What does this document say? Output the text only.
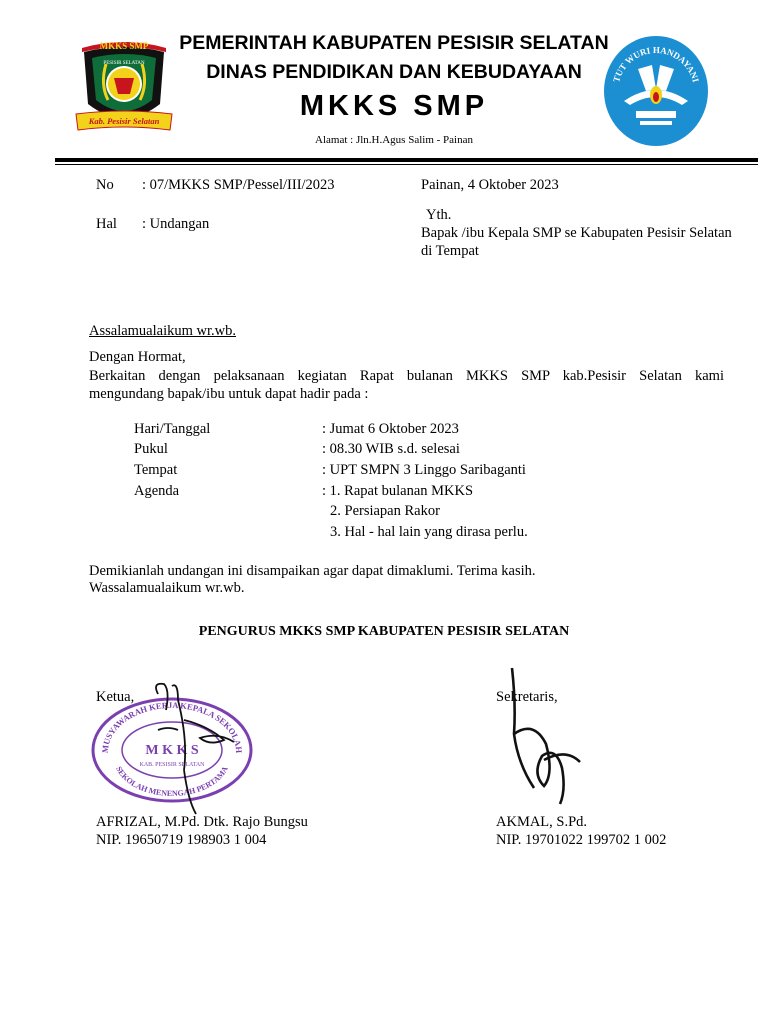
MKKS SMP
PESISIR SELATAN
Kab. Pesisir Selatan
PEMERINTAH KABUPATEN PESISIR SELATAN
DINAS PENDIDIKAN DAN KEBUDAYAAN
MKKS SMP
Alamat : Jln.H.Agus Salim - Painan
TUT WURI HANDAYANI
No : 07/MKKS SMP/Pessel/III/2023	Painan, 4 Oktober 2023
Hal : Undangan
Yth.
Bapak /ibu Kepala SMP se Kabupaten Pesisir Selatan
di Tempat
Assalamualaikum wr.wb.
Dengan Hormat,
Berkaitan dengan pelaksanaan kegiatan Rapat bulanan MKKS SMP kab.Pesisir Selatan kami
mengundang bapak/ibu untuk dapat hadir pada :
Hari/Tanggal	: Jumat 6 Oktober 2023
Pukul	: 08.30 WIB s.d. selesai
Tempat	: UPT SMPN 3 Linggo Saribaganti
Agenda	: 1. Rapat bulanan MKKS
2. Persiapan Rakor
3. Hal - hal lain yang dirasa perlu.
Demikianlah undangan ini disampaikan agar dapat dimaklumi. Terima kasih.
Wassalamualaikum wr.wb.
PENGURUS MKKS SMP KABUPATEN PESISIR SELATAN
MUSYAWARAH KERJA KEPALA SEKOLAH
SEKOLAH MENENGAH PERTAMA
M K K S
KAB. PESISIR SELATAN
Ketua,
AFRIZAL, M.Pd. Dtk. Rajo Bungsu
NIP. 19650719 198903 1 004
Sekretaris,
AKMAL, S.Pd.
NIP. 19701022 199702 1 002
